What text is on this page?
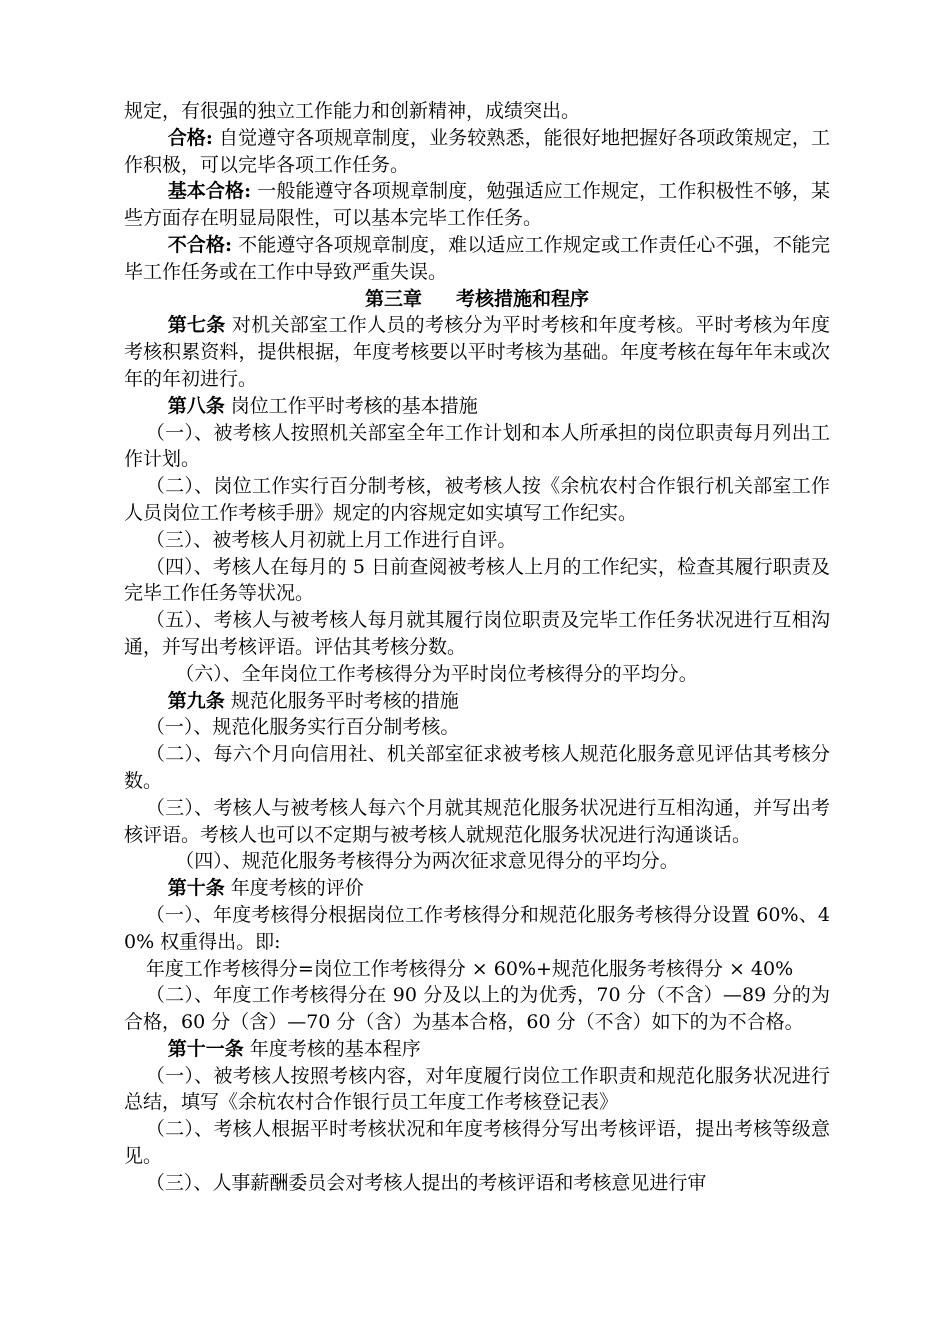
规定，有很强的独立工作能力和创新精神，成绩突出。

合格: 自觉遵守各项规章制度，业务较熟悉，能很好地把握好各项政策规定，工作积极，可以完毕各项工作任务。

基本合格: 一般能遵守各项规章制度，勉强适应工作规定，工作积极性不够，某些方面存在明显局限性，可以基本完毕工作任务。

不合格: 不能遵守各项规章制度，难以适应工作规定或工作责任心不强，不能完毕工作任务或在工作中导致严重失误。

第三章 考核措施和程序

第七条 对机关部室工作人员的考核分为平时考核和年度考核。平时考核为年度考核积累资料，提供根据，年度考核要以平时考核为基础。年度考核在每年年末或次年的年初进行。

第八条 岗位工作平时考核的基本措施

（一）、被考核人按照机关部室全年工作计划和本人所承担的岗位职责每月列出工作计划。

（二）、岗位工作实行百分制考核，被考核人按《余杭农村合作银行机关部室工作人员岗位工作考核手册》规定的内容规定如实填写工作纪实。

（三）、被考核人月初就上月工作进行自评。

（四）、考核人在每月的 5 日前查阅被考核人上月的工作纪实，检查其履行职责及完毕工作任务等状况。

（五）、考核人与被考核人每月就其履行岗位职责及完毕工作任务状况进行互相沟通，并写出考核评语。评估其考核分数。

（六）、全年岗位工作考核得分为平时岗位考核得分的平均分。

第九条 规范化服务平时考核的措施

（一）、规范化服务实行百分制考核。

（二）、每六个月向信用社、机关部室征求被考核人规范化服务意见评估其考核分数。

（三）、考核人与被考核人每六个月就其规范化服务状况进行互相沟通，并写出考核评语。考核人也可以不定期与被考核人就规范化服务状况进行沟通谈话。

（四）、规范化服务考核得分为两次征求意见得分的平均分。

第十条 年度考核的评价

（一）、年度考核得分根据岗位工作考核得分和规范化服务考核得分设置 60%、40% 权重得出。即:

年度工作考核得分=岗位工作考核得分 × 60%+规范化服务考核得分 × 40%

（二）、年度工作考核得分在 90 分及以上的为优秀，70 分（不含）—89 分的为合格，60 分（含）—70 分（含）为基本合格，60 分（不含）如下的为不合格。

第十一条 年度考核的基本程序

（一）、被考核人按照考核内容，对年度履行岗位工作职责和规范化服务状况进行总结，填写《余杭农村合作银行员工年度工作考核登记表》

（二）、考核人根据平时考核状况和年度考核得分写出考核评语，提出考核等级意见。

（三）、人事薪酬委员会对考核人提出的考核评语和考核意见进行审
